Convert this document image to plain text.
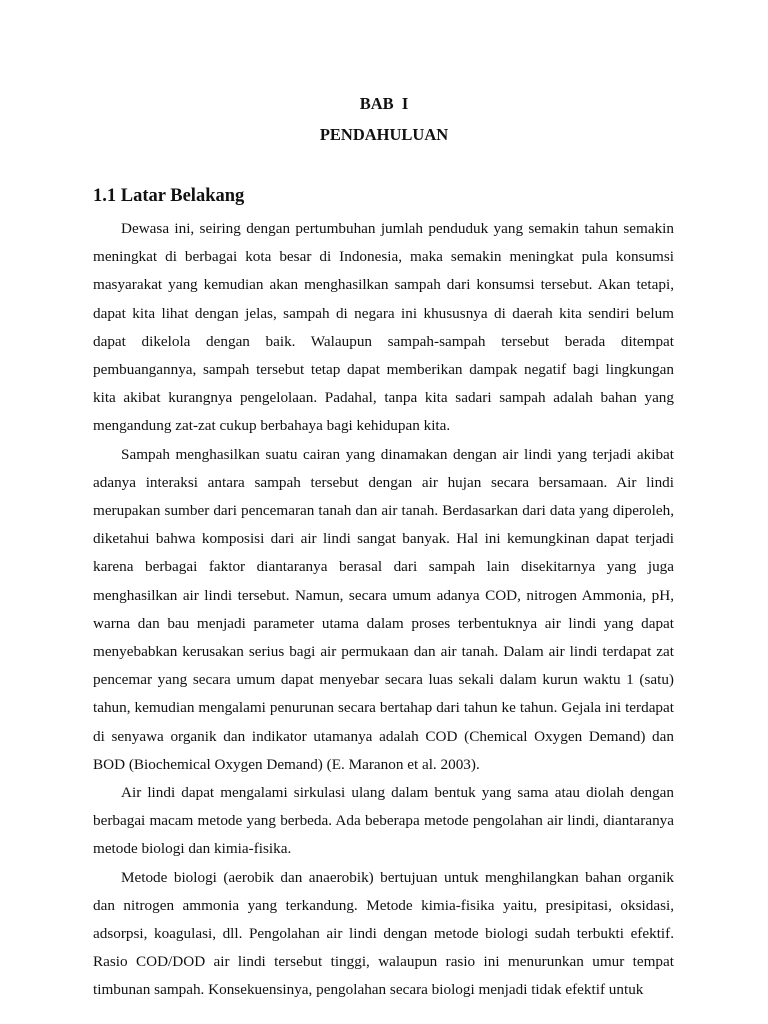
BAB  I
PENDAHULUAN
1.1 Latar Belakang

Dewasa ini, seiring dengan pertumbuhan jumlah penduduk yang semakin tahun semakin meningkat di berbagai kota besar di Indonesia, maka semakin meningkat pula konsumsi masyarakat yang kemudian akan menghasilkan sampah dari konsumsi tersebut. Akan tetapi, dapat kita lihat dengan jelas, sampah di negara ini khususnya di daerah kita sendiri belum dapat dikelola dengan baik. Walaupun sampah-sampah tersebut berada ditempat pembuangannya, sampah tersebut tetap dapat memberikan dampak negatif bagi lingkungan kita akibat kurangnya pengelolaan. Padahal, tanpa kita sadari sampah adalah bahan yang mengandung zat-zat cukup berbahaya bagi kehidupan kita.

Sampah menghasilkan suatu cairan yang dinamakan dengan air lindi yang terjadi akibat adanya interaksi antara sampah tersebut dengan air hujan secara bersamaan. Air lindi merupakan sumber dari pencemaran tanah dan air tanah. Berdasarkan dari data yang diperoleh, diketahui bahwa komposisi dari air lindi sangat banyak. Hal ini kemungkinan dapat terjadi karena berbagai faktor diantaranya berasal dari sampah lain disekitarnya yang juga menghasilkan air lindi tersebut. Namun, secara umum adanya COD, nitrogen Ammonia, pH, warna dan bau menjadi parameter utama dalam proses terbentuknya air lindi yang dapat menyebabkan kerusakan serius bagi air permukaan dan air tanah. Dalam air lindi terdapat zat pencemar yang secara umum dapat menyebar secara luas sekali dalam kurun waktu 1 (satu) tahun, kemudian mengalami penurunan secara bertahap dari tahun ke tahun. Gejala ini terdapat di senyawa organik dan indikator utamanya adalah COD (Chemical Oxygen Demand) dan BOD (Biochemical Oxygen Demand) (E. Maranon et al. 2003).

Air lindi dapat mengalami sirkulasi ulang dalam bentuk yang sama atau diolah dengan berbagai macam metode yang berbeda. Ada beberapa metode pengolahan air lindi, diantaranya metode biologi dan kimia-fisika.

Metode biologi (aerobik dan anaerobik) bertujuan untuk menghilangkan bahan organik dan nitrogen ammonia yang terkandung. Metode kimia-fisika yaitu, presipitasi, oksidasi, adsorpsi, koagulasi, dll. Pengolahan air lindi dengan metode biologi sudah terbukti efektif. Rasio COD/DOD air lindi tersebut tinggi, walaupun rasio ini menurunkan umur tempat timbunan sampah. Konsekuensinya, pengolahan secara biologi menjadi tidak efektif untuk
